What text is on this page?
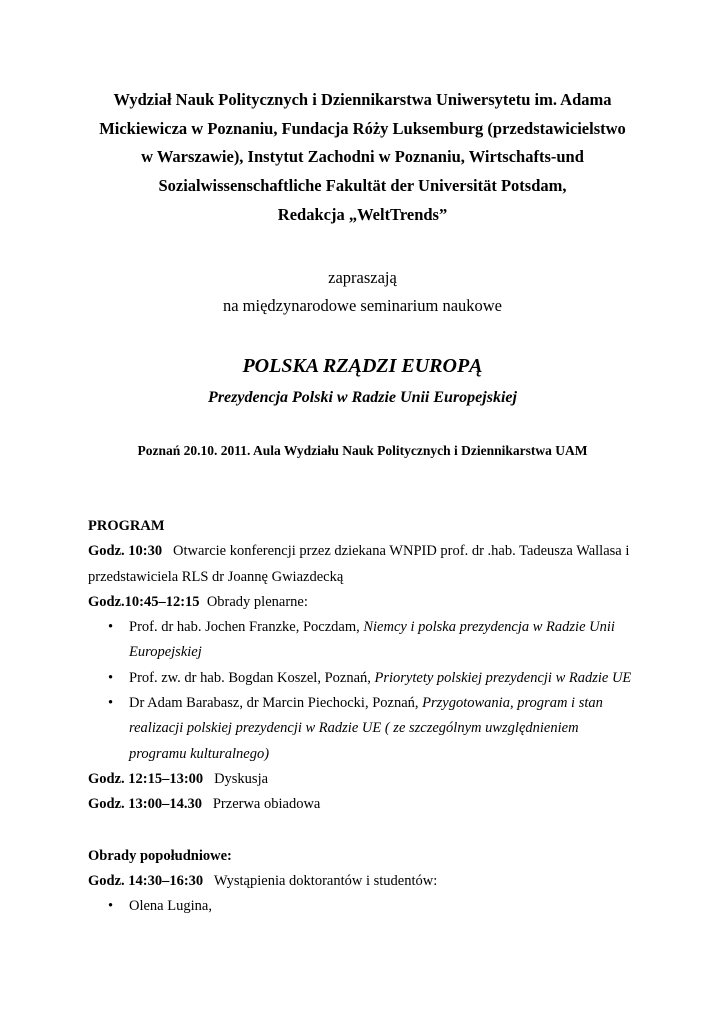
Wydział Nauk Politycznych i Dziennikarstwa Uniwersytetu im. Adama
Mickiewicza w Poznaniu, Fundacja Róży Luksemburg (przedstawicielstwo
w Warszawie), Instytut Zachodni w Poznaniu, Wirtschafts-und
Sozialwissenschaftliche Fakultät der Universität Potsdam,
Redakcja „WeltTrends”
zapraszają
na międzynarodowe seminarium naukowe
POLSKA RZĄDZI EUROPĄ
Prezydencja Polski w Radzie Unii Europejskiej
Poznań 20.10. 2011. Aula Wydziału Nauk Politycznych i Dziennikarstwa UAM
PROGRAM
Godz. 10:30 Otwarcie konferencji przez dziekana WNPID prof. dr .hab. Tadeusza Wallasa i
przedstawiciela RLS dr Joannę Gwiazdecką
Godz.10:45–12:15 Obrady plenarne:
• Prof. dr hab. Jochen Franzke, Poczdam, Niemcy i polska prezydencja w Radzie Unii
Europejskiej
• Prof. zw. dr hab. Bogdan Koszel, Poznań, Priorytety polskiej prezydencji w Radzie UE
• Dr Adam Barabasz, dr Marcin Piechocki, Poznań, Przygotowania, program i stan
realizacji polskiej prezydencji w Radzie UE ( ze szczególnym uwzględnieniem
programu kulturalnego)
Godz. 12:15–13:00 Dyskusja
Godz. 13:00–14.30 Przerwa obiadowa
Obrady popołudniowe:
Godz. 14:30–16:30 Wystąpienia doktorantów i studentów:
• Olena Lugina,
